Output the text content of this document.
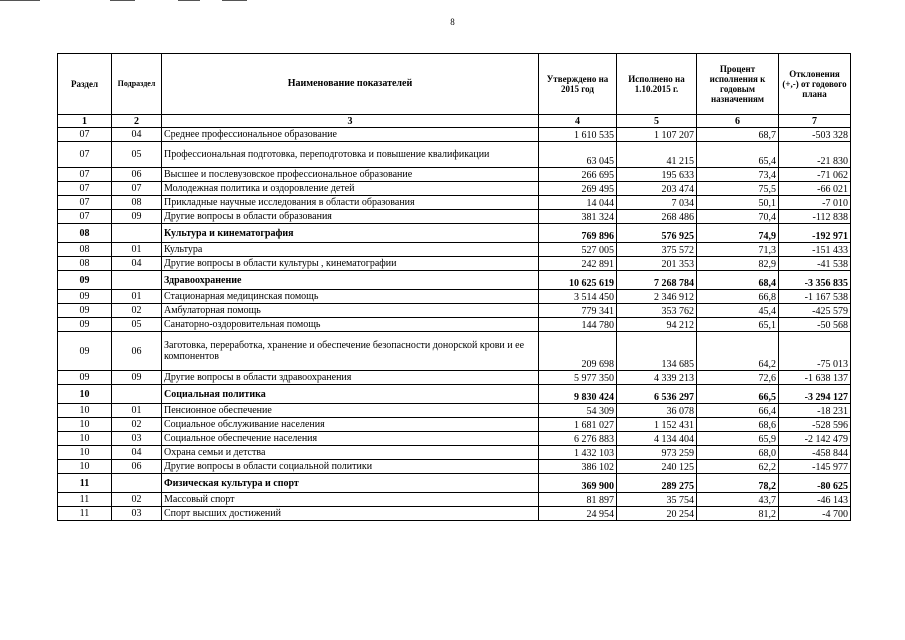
8
Раздел	Подраздел	Наименование показателей	Утверждено на 2015 год	Исполнено на 1.10.2015 г.	Процент исполнения к годовым назначениям	Отклонения (+,-) от годового плана
1	2	3	4	5	6	7
07	04	Среднее профессиональное образование	1 610 535	1 107 207	68,7	-503 328
07	05	Профессиональная подготовка, переподготовка и повышение квалификации	63 045	41 215	65,4	-21 830
07	06	Высшее и послевузовское профессиональное образование	266 695	195 633	73,4	-71 062
07	07	Молодежная политика и оздоровление детей	269 495	203 474	75,5	-66 021
07	08	Прикладные научные исследования в области образования	14 044	7 034	50,1	-7 010
07	09	Другие вопросы в области образования	381 324	268 486	70,4	-112 838
08		Культура и кинематография	769 896	576 925	74,9	-192 971
08	01	Культура	527 005	375 572	71,3	-151 433
08	04	Другие вопросы в области культуры , кинематографии	242 891	201 353	82,9	-41 538
09		Здравоохранение	10 625 619	7 268 784	68,4	-3 356 835
09	01	Стационарная медицинская помощь	3 514 450	2 346 912	66,8	-1 167 538
09	02	Амбулаторная помощь	779 341	353 762	45,4	-425 579
09	05	Санаторно-оздоровительная помощь	144 780	94 212	65,1	-50 568
09	06	Заготовка, переработка, хранение и обеспечение безопасности донорской крови и ее компонентов	209 698	134 685	64,2	-75 013
09	09	Другие вопросы в области здравоохранения	5 977 350	4 339 213	72,6	-1 638 137
10		Социальная политика	9 830 424	6 536 297	66,5	-3 294 127
10	01	Пенсионное обеспечение	54 309	36 078	66,4	-18 231
10	02	Социальное обслуживание населения	1 681 027	1 152 431	68,6	-528 596
10	03	Социальное обеспечение населения	6 276 883	4 134 404	65,9	-2 142 479
10	04	Охрана семьи и детства	1 432 103	973 259	68,0	-458 844
10	06	Другие вопросы в области социальной политики	386 102	240 125	62,2	-145 977
11		Физическая культура и спорт	369 900	289 275	78,2	-80 625
11	02	Массовый спорт	81 897	35 754	43,7	-46 143
11	03	Спорт высших достижений	24 954	20 254	81,2	-4 700
